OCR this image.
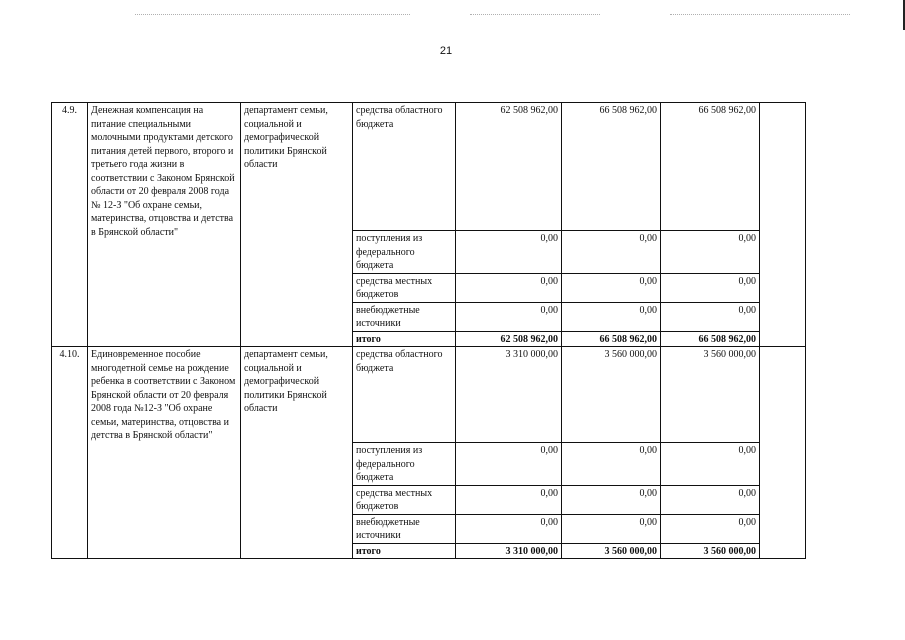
21
4.9.	Денежная компенсация на питание специальными молочными продуктами детского питания детей первого, второго и третьего года жизни в соответствии с Законом Брянской области от 20 февраля 2008 года № 12-З "Об охране семьи, материнства, отцовства и детства в Брянской области"	департамент семьи, социальной и демографической политики Брянской области	средства областного бюджета	62 508 962,00	66 508 962,00	66 508 962,00	
			поступления из федерального бюджета	0,00	0,00	0,00	
			средства местных бюджетов	0,00	0,00	0,00	
			внебюджетные источники	0,00	0,00	0,00	
			итого	62 508 962,00	66 508 962,00	66 508 962,00	
4.10.	Единовременное пособие многодетной семье на рождение ребенка в соответствии с Законом Брянской области от 20 февраля 2008 года №12-З "Об охране семьи, материнства, отцовства и детства в Брянской области"	департамент семьи, социальной и демографической политики Брянской области	средства областного бюджета	3 310 000,00	3 560 000,00	3 560 000,00	
			поступления из федерального бюджета	0,00	0,00	0,00	
			средства местных бюджетов	0,00	0,00	0,00	
			внебюджетные источники	0,00	0,00	0,00	
			итого	3 310 000,00	3 560 000,00	3 560 000,00	
